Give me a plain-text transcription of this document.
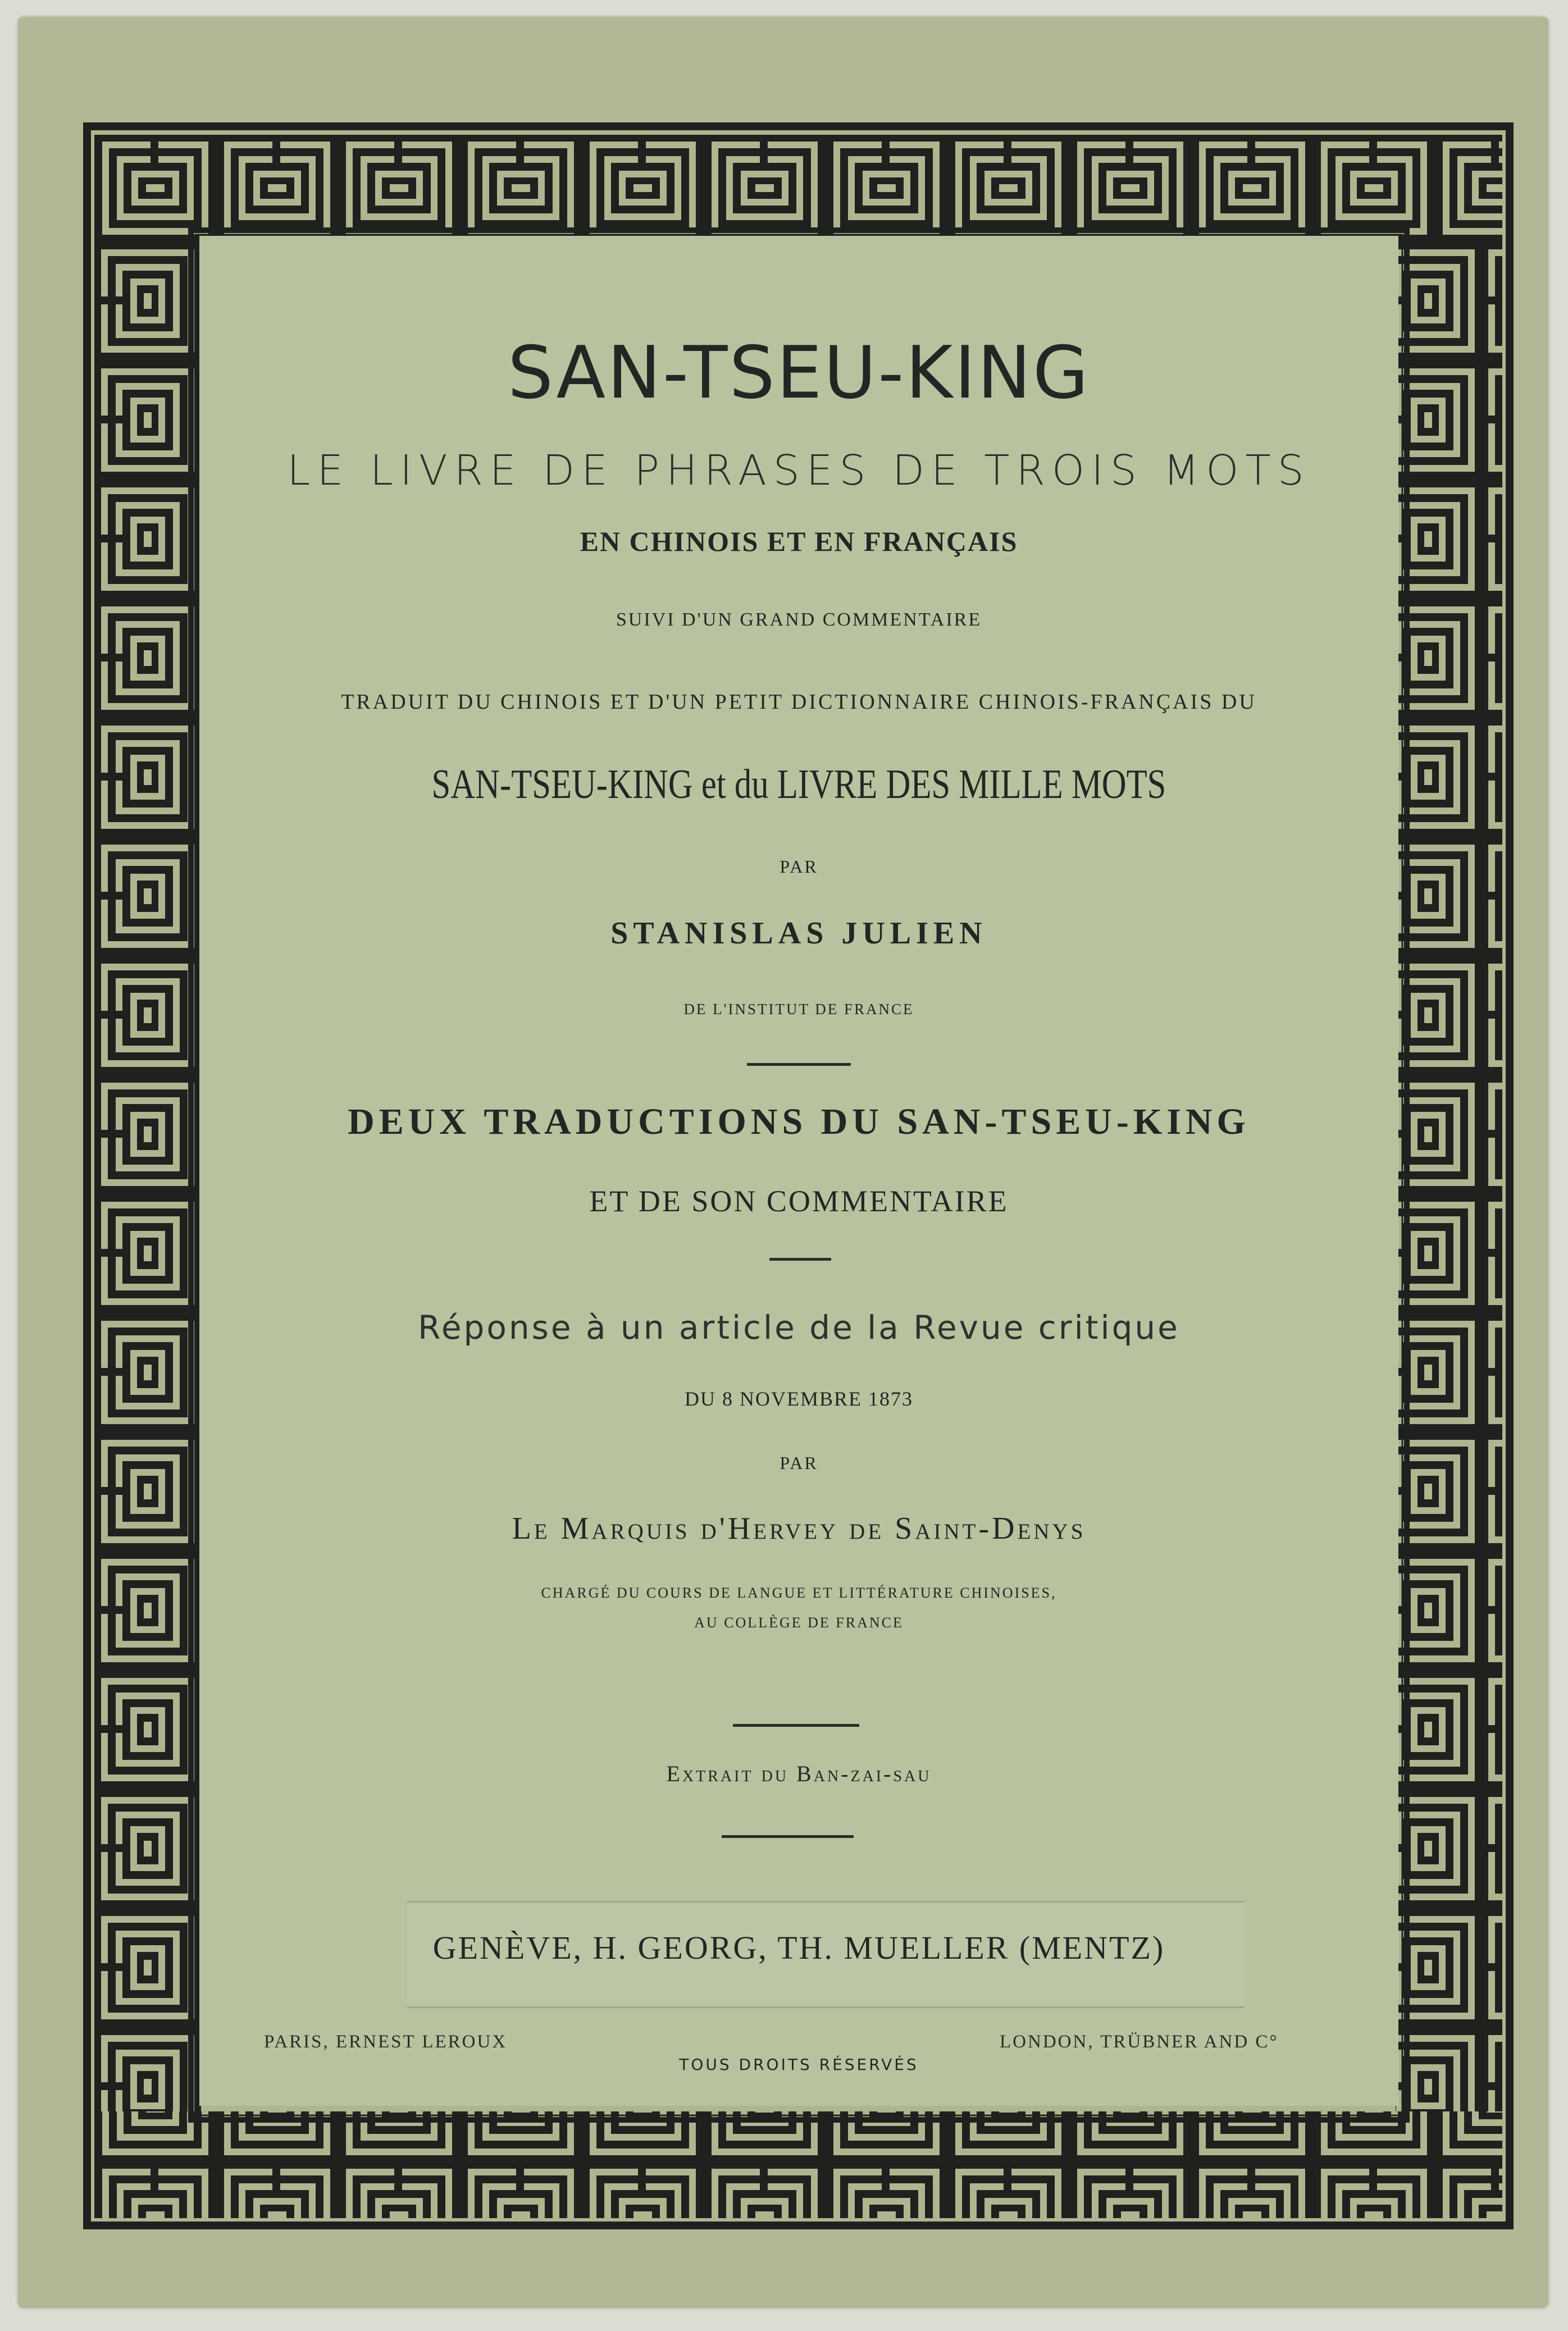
SAN-TSEU-KING

LE LIVRE DE PHRASES DE TROIS MOTS

EN CHINOIS ET EN FRANÇAIS

SUIVI D'UN GRAND COMMENTAIRE

TRADUIT DU CHINOIS ET D'UN PETIT DICTIONNAIRE CHINOIS-FRANÇAIS DU

SAN-TSEU-KING et du LIVRE DES MILLE MOTS

PAR

STANISLAS JULIEN

DE L'INSTITUT DE FRANCE

DEUX TRADUCTIONS DU SAN-TSEU-KING

ET DE SON COMMENTAIRE

Réponse à un article de la Revue critique

DU 8 NOVEMBRE 1873

PAR

Le Marquis d'Hervey de Saint-Denys

CHARGÉ DU COURS DE LANGUE ET LITTÉRATURE CHINOISES,

AU COLLÈGE DE FRANCE

Extrait du Ban-zai-sau

GENÈVE, H. GEORG, TH. MUELLER (MENTZ)

PARIS, ERNEST LEROUX	LONDON, TRÜBNER AND C°

TOUS DROITS RÉSERVÉS
